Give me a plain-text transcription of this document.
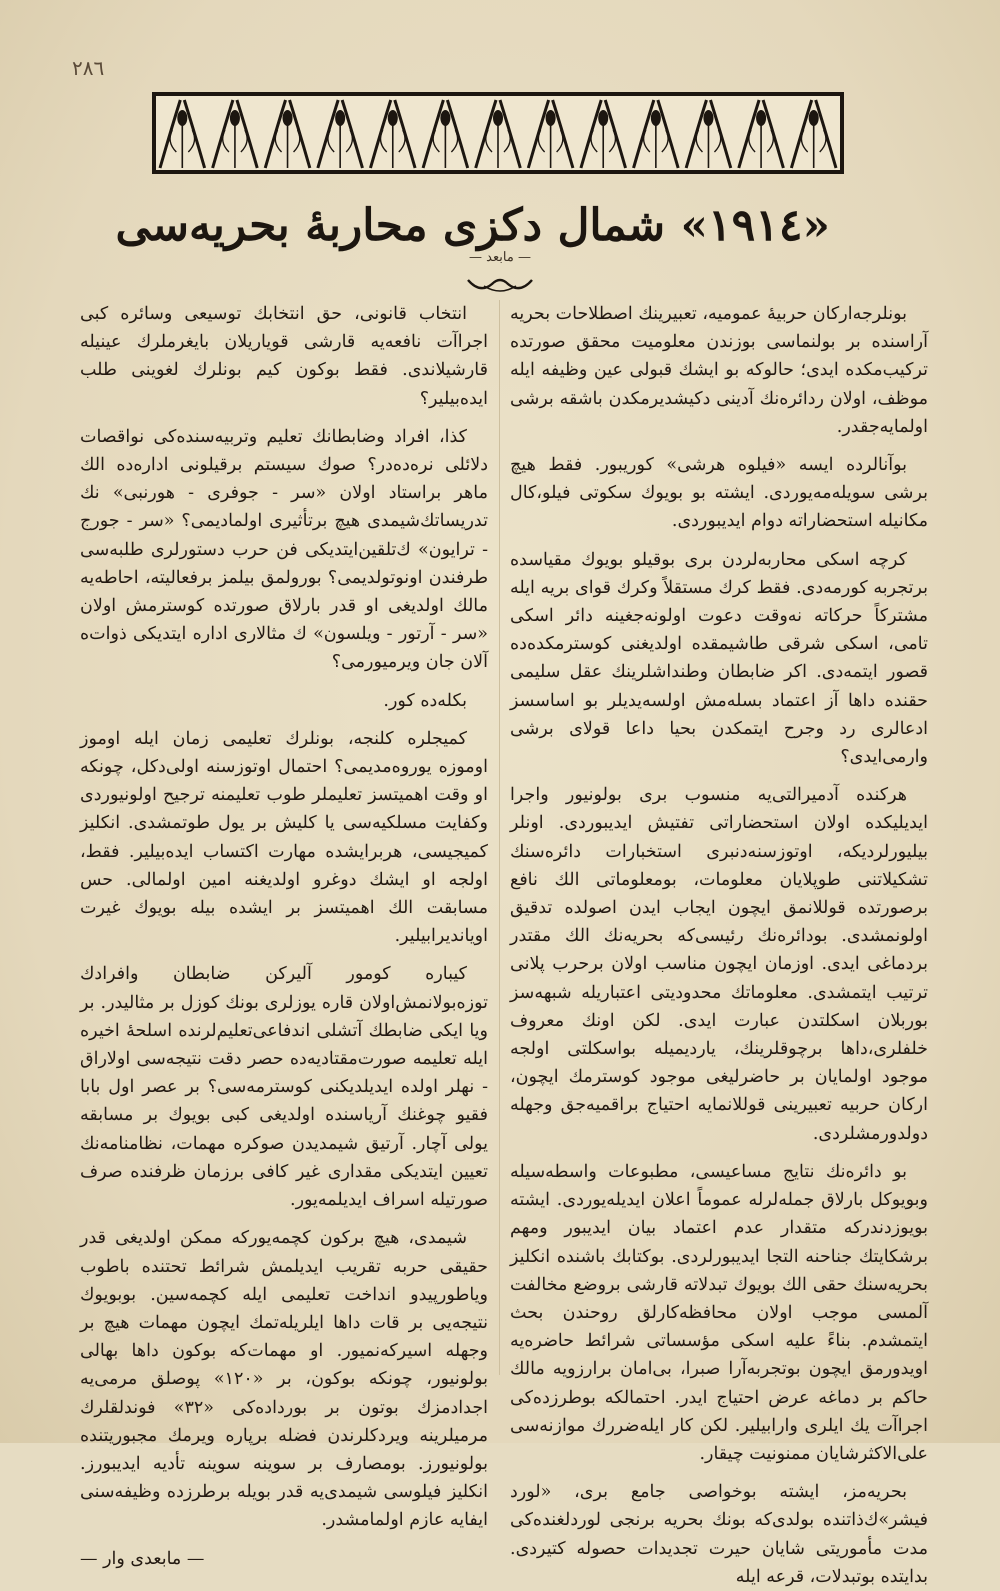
٢٨٦
«١٩١٤» شمال دكزی محاربهٔ بحریه‌سی
— مابعد —

بونلرجه‌ارکان حربیهٔ عمومیه، تعبیرینك اصطلاحات بحریه آراسنده بر بولنماسی بوزندن معلومیت محقق صورتده ترکیب‌مکده ایدی؛ حالوکه بو ایشك قبولی عین وظیفه ایله موظف، اولان ردائره‌نك آدینی دکیشدیرمکدن باشقه برشی اولمایه‌جقدر.

بوآنالرده ایسه «فیلوه هرشی» کوریبور. فقط هیچ برشی سویله‌مه‌یوردی. ایشته بو بویوك سکوتی فیلو،کال مکانیله استحضاراته دوام ایدیبوردی.

کرچه اسکی محاربه‌لردن بری بوقیلو بویوك مقیاسده برتجربه کورمه‌دی. فقط کرك مستقلاً وکرك قوای بریه ایله مشترکاً حرکاته نه‌وقت دعوت اولونه‌جغینه دائر اسکی تامی، اسکی شرقی طاشیمقده اولدیغنی کوسترمکده‌ده قصور ایتمه‌دی. اکر ضابطان وطنداشلرینك عقل سلیمی حقنده داها آز اعتماد بسله‌مش اولسه‌یدیلر بو اساسسز ادعالری رد وجرح ایتمکدن بحیا داعا قولای برشی وارمی‌ایدی؟

هرکنده آدمیرالتی‌یه منسوب بری بولونیور واجرا ایدیلیکده اولان استحضاراتی تفتیش ایدیبوردی. اونلر بیلیورلردیکه، اوتوزسنه‌دنبری استخبارات دائره‌سنك تشکیلاتنی طوپلایان معلومات، بومعلوماتی الك نافع برصورتده قوللانمق ایچون ایجاب ایدن اصولده تدقیق اولونمشدی. بودائره‌نك رئیسی‌که بحریه‌نك الك مقتدر بردماغی ایدی. اوزمان ایچون مناسب اولان برحرب پلانی ترتیب ایتمشدی. معلوماتك محدودیتی اعتباریله شبهه‌سز بوربلان اسکلتدن عبارت ایدی. لکن اونك معروف خلفلری،داها برچوقلرینك، یاردیمیله بواسکلتی اولجه موجود اولمایان بر حاضرلیغی موجود کوسترمك ایچون، ارکان حربیه تعبیرینی قوللانمایه احتیاج براقمیه‌جق وجهله دولدورمشلردی.

بو دائره‌نك نتایج مساعیسی، مطبوعات واسطه‌سیله وبویوکل بارلاق جمله‌لرله عموماً اعلان ایدیله‌یوردی. ایشته بویوزدندرکه متقدار عدم اعتماد بیان ایدیبور ومهم برشکایتك جناحنه التجا ایدیبورلردی. بوکتابك باشنده انکلیز بحریه‌سنك حقی الك بویوك تبدلاته قارشی بروضع مخالفت آلمسی موجب اولان محافظه‌کارلق روحندن بحث ایتمشدم. بناءً علیه اسکی مؤسساتی شرائط حاضره‌یه اویدورمق ایچون بوتجربه‌آرا صبرا، بی‌امان برارزویه مالك حاکم بر دماغه عرض احتیاج ایدر. احتمالکه بوطرزده‌کی اجراآت یك ایلری وارابیلیر. لکن کار ایله‌ضررك موازنه‌سی علی‌الاکثرشایان ممنونیت چیقار.

بحریه‌مز، ایشته بوخواصی جامع بری، «لورد فیشر»ك‌ذاتنده بولدی‌که بونك بحریه برنجی لوردلغنده‌کی مدت مأموریتی شایان حیرت تجدیدات حصوله کتیردی. بدایتده بوتبدلات، قرعه ایله

انتخاب قانونی، حق انتخابك توسیعی وسائره کبی اجراآت نافعه‌یه قارشی قویاریلان بایغرملرك عینیله قارشیلاندی. فقط بوکون کیم بونلرك لغوینی طلب ایده‌بیلیر؟

کذا، افراد وضابطانك تعلیم وتربیه‌سنده‌کی نواقصات دلائلی نره‌ده‌در؟ صوك سیستم برقیلونی اداره‌ده الك ماهر براستاد اولان «سر - جوفری - هورنبی» نك تدریساتك‌شیمدی هیچ برتأثیری اولمادیمی؟ «سر - جورج - ترایون» ك‌تلقین‌ایتدیکی فن حرب دستورلری طلبه‌سی طرفندن اونوتولدیمی؟ بورولمق بیلمز برفعالیته، احاطه‌یه مالك اولدیغی او قدر بارلاق صورتده کوسترمش اولان «سر - آرتور - ویلسون» ك مثالاری اداره ایتدیکی ذوات‌ه آلان جان ویرمیورمی؟

بکله‌ده کور.

کمیجلره کلنجه، بونلرك تعلیمی زمان ایله اوموز اوموزه یوروه‌مدیمی؟ احتمال اوتوزسنه اولی‌دکل، چونکه او وقت اهمیتسز تعلیملر طوب تعلیمنه ترجیح اولونیوردی وکفایت مسلکیه‌سی یا کلیش بر یول طوتمشدی. انکلیز کمیجیسی، هربرایشده مهارت اکتساب ایده‌بیلیر. فقط، اولجه او ایشك دوغرو اولدیغنه امین اولمالی. حس مسابقت الك اهمیتسز بر ایشده بیله بویوك غیرت اویاندیرابیلیر.

کیباره کومور آلیرکن ضابطان وافرادك توزه‌بولانمش‌اولان قاره یوزلری بونك کوزل بر مثالیدر. بر ویا ایکی ضابطك آتشلی اندفاعی‌تعلیم‌لرنده اسلحهٔ اخیره ایله تعلیمه صورت‌مقتادیه‌ده حصر دقت نتیجه‌سی اولاراق - نهلر اولده ایدیلدیکنی کوسترمه‌سی؟ بر عصر اول بابا فقیو چوغنك آریاسنده اولدیغی کبی بویوك بر مسابقه یولی آچار. آرتیق شیمدیدن صوکره مهمات، نظامنامه‌نك تعیین ایتدیکی مقداری غیر کافی برزمان ظرفنده صرف صورتیله اسراف ایدیلمه‌یور.

شیمدی، هیچ برکون کچمه‌یورکه ممکن اولدیغی قدر حقیقی حربه تقریب ایدیلمش شرائط تحتنده باطوب ویاطورپیدو انداخت تعلیمی ایله کچمه‌سین. بوبویوك نتیجه‌یی بر قات داها ایلریله‌تمك ایچون مهمات هیچ بر وجهله اسیرکه‌نمیور. او مهمات‌که بوکون داها بهالی بولونیور، چونکه بوکون، بر «١٢٠» پوصلق مرمی‌یه اجدادمزك بوتون بر بورداده‌کی «٣٢» فوندلقلرك مرمیلرینه ویردکلرندن فضله برپاره ویرمك مجبوریتنده بولونیورز. بومصارف بر سوینه سوینه تأدیه ایدیبورز. انکلیز فیلوسی شیمدی‌یه قدر بویله برطرزده وظیفه‌سنی ایفایه عازم اولمامشدر.

— مابعدی وار —
